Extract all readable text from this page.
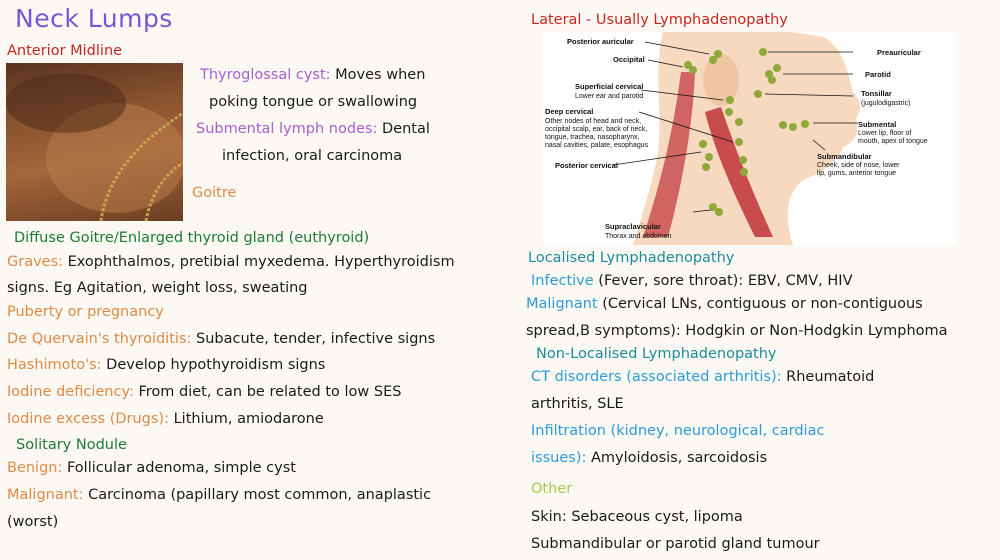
Neck Lumps
Anterior Midline
Thyroglossal cyst: Moves when
poking tongue or swallowing
Submental lymph nodes: Dental
infection, oral carcinoma
Goitre
Diffuse Goitre/Enlarged thyroid gland (euthyroid)
Graves: Exophthalmos, pretibial myxedema. Hyperthyroidism
signs. Eg Agitation, weight loss, sweating
Puberty or pregnancy
De Quervain's thyroiditis: Subacute, tender, infective signs
Hashimoto's: Develop hypothyroidism signs
Iodine deficiency: From diet, can be related to low SES
Iodine excess (Drugs): Lithium, amiodarone
Solitary Nodule
Benign: Follicular adenoma, simple cyst
Malignant: Carcinoma (papillary most common, anaplastic
(worst)
Lateral - Usually Lymphadenopathy
Posterior auricular
Occipital
Superficial cervical
Lower ear and parotid
Deep cervical
Other nodes of head and neck,
occipital scalp, ear, back of neck,
tongue, trachea, nasopharynx,
nasal cavities, palate, esophagus
Posterior cervical
Supraclavicular
Thorax and abdomen
Preauricular
Parotid
Tonsillar
(jugulodigastric)
Submental
Lower lip, floor of
mouth, apex of tongue
Submandibular
Cheek, side of nose, lower
lip, gums, anterior tongue
Localised Lymphadenopathy
Infective (Fever, sore throat): EBV, CMV, HIV
Malignant (Cervical LNs, contiguous or non-contiguous
spread,B symptoms): Hodgkin or Non-Hodgkin Lymphoma
Non-Localised Lymphadenopathy
CT disorders (associated arthritis): Rheumatoid
arthritis, SLE
Infiltration (kidney, neurological, cardiac
issues): Amyloidosis, sarcoidosis
Other
Skin: Sebaceous cyst, lipoma
Submandibular or parotid gland tumour
